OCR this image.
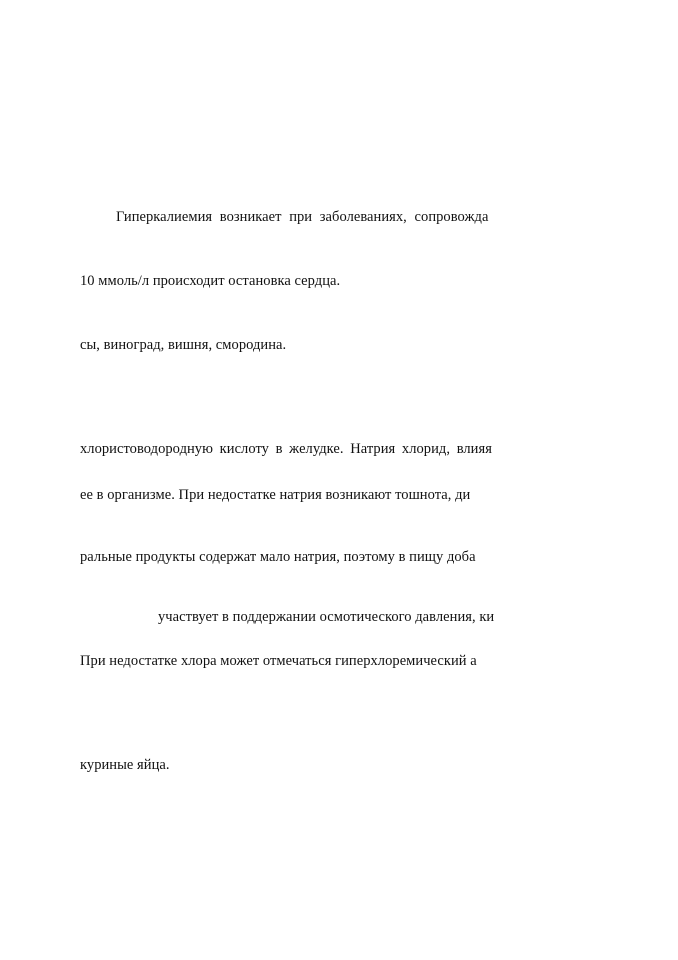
Гиперкалиемия возникает при заболеваниях, сопровожда
10 ммоль/л происходит остановка сердца.
сы, виноград, вишня, смородина.
хлористоводородную кислоту в желудке. Натрия хлорид, влияя
ее в организме. При недостатке натрия возникают тошнота, ди
ральные продукты содержат мало натрия, поэтому в пищу доба
участвует в поддержании осмотического давления, ки
При недостатке хлора может отмечаться гиперхлоремический а
куриные яйца.
